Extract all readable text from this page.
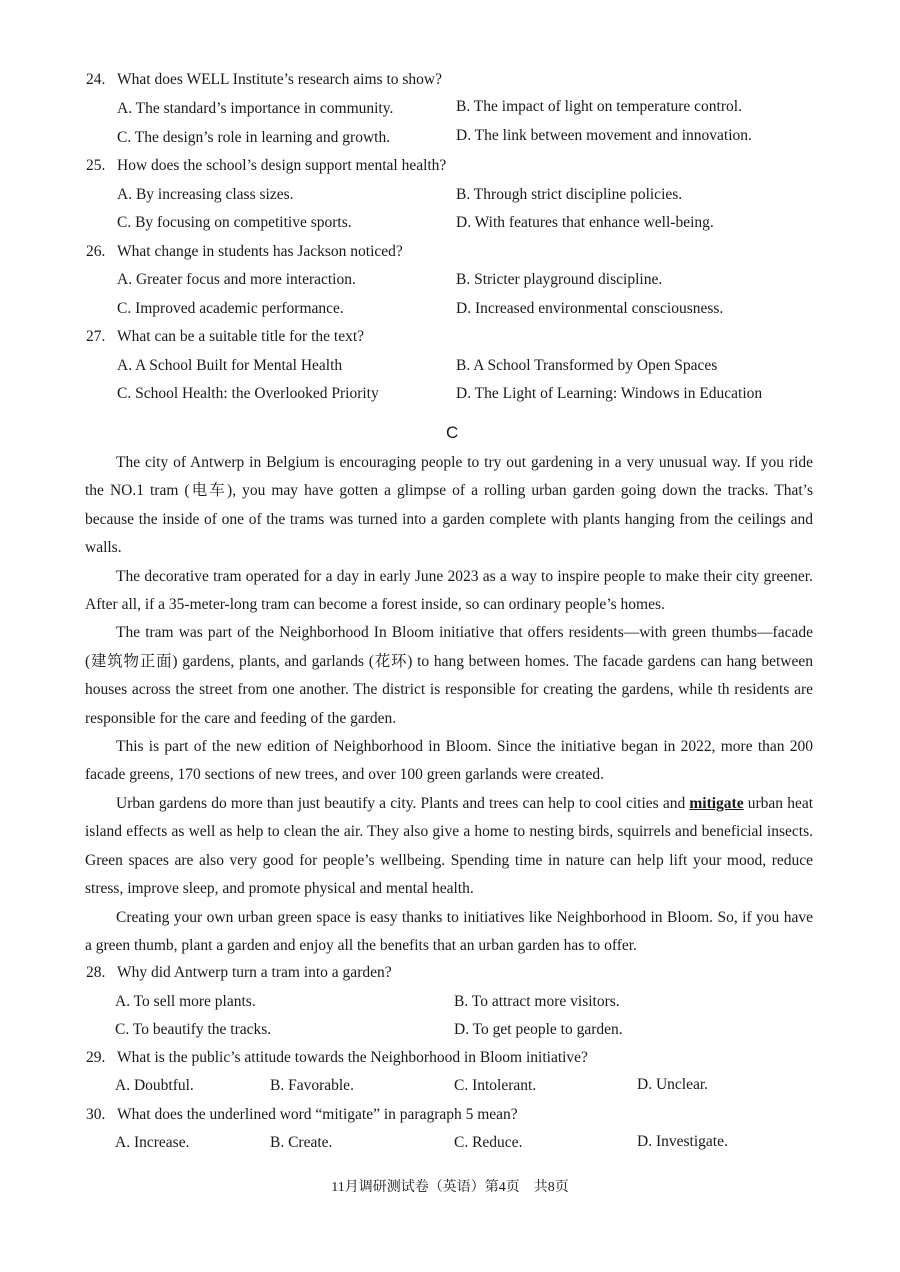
24. What does WELL Institute’s research aims to show?
A. The standard’s importance in community.	B. The impact of light on temperature control.
C. The design’s role in learning and growth.	D. The link between movement and innovation.
25. How does the school’s design support mental health?
A. By increasing class sizes.	B. Through strict discipline policies.
C. By focusing on competitive sports.	D. With features that enhance well-being.
26. What change in students has Jackson noticed?
A. Greater focus and more interaction.	B. Stricter playground discipline.
C. Improved academic performance.	D. Increased environmental consciousness.
27. What can be a suitable title for the text?
A. A School Built for Mental Health	B. A School Transformed by Open Spaces
C. School Health: the Overlooked Priority	D. The Light of Learning: Windows in Education
C

The city of Antwerp in Belgium is encouraging people to try out gardening in a very unusual way. If you ride the NO.1 tram (电车), you may have gotten a glimpse of a rolling urban garden going down the tracks. That’s because the inside of one of the trams was turned into a garden complete with plants hanging from the ceilings and walls.

The decorative tram operated for a day in early June 2023 as a way to inspire people to make their city greener. After all, if a 35-meter-long tram can become a forest inside, so can ordinary people’s homes.

The tram was part of the Neighborhood In Bloom initiative that offers residents—with green thumbs—facade (建筑物正面) gardens, plants, and garlands (花环) to hang between homes. The facade gardens can hang between houses across the street from one another. The district is responsible for creating the gardens, while th residents are responsible for the care and feeding of the garden.

This is part of the new edition of Neighborhood in Bloom. Since the initiative began in 2022, more than 200 facade greens, 170 sections of new trees, and over 100 green garlands were created.

Urban gardens do more than just beautify a city. Plants and trees can help to cool cities and mitigate urban heat island effects as well as help to clean the air. They also give a home to nesting birds, squirrels and beneficial insects. Green spaces are also very good for people’s wellbeing. Spending time in nature can help lift your mood, reduce stress, improve sleep, and promote physical and mental health.

Creating your own urban green space is easy thanks to initiatives like Neighborhood in Bloom. So, if you have a green thumb, plant a garden and enjoy all the benefits that an urban garden has to offer.

28. Why did Antwerp turn a tram into a garden?
A. To sell more plants.	B. To attract more visitors.
C. To beautify the tracks.	D. To get people to garden.
29. What is the public’s attitude towards the Neighborhood in Bloom initiative?
A. Doubtful.	B. Favorable.	C. Intolerant.	D. Unclear.
30. What does the underlined word “mitigate” in paragraph 5 mean?
A. Increase.	B. Create.	C. Reduce.	D. Investigate.
11月调研测试卷（英语）第4页　共8页
